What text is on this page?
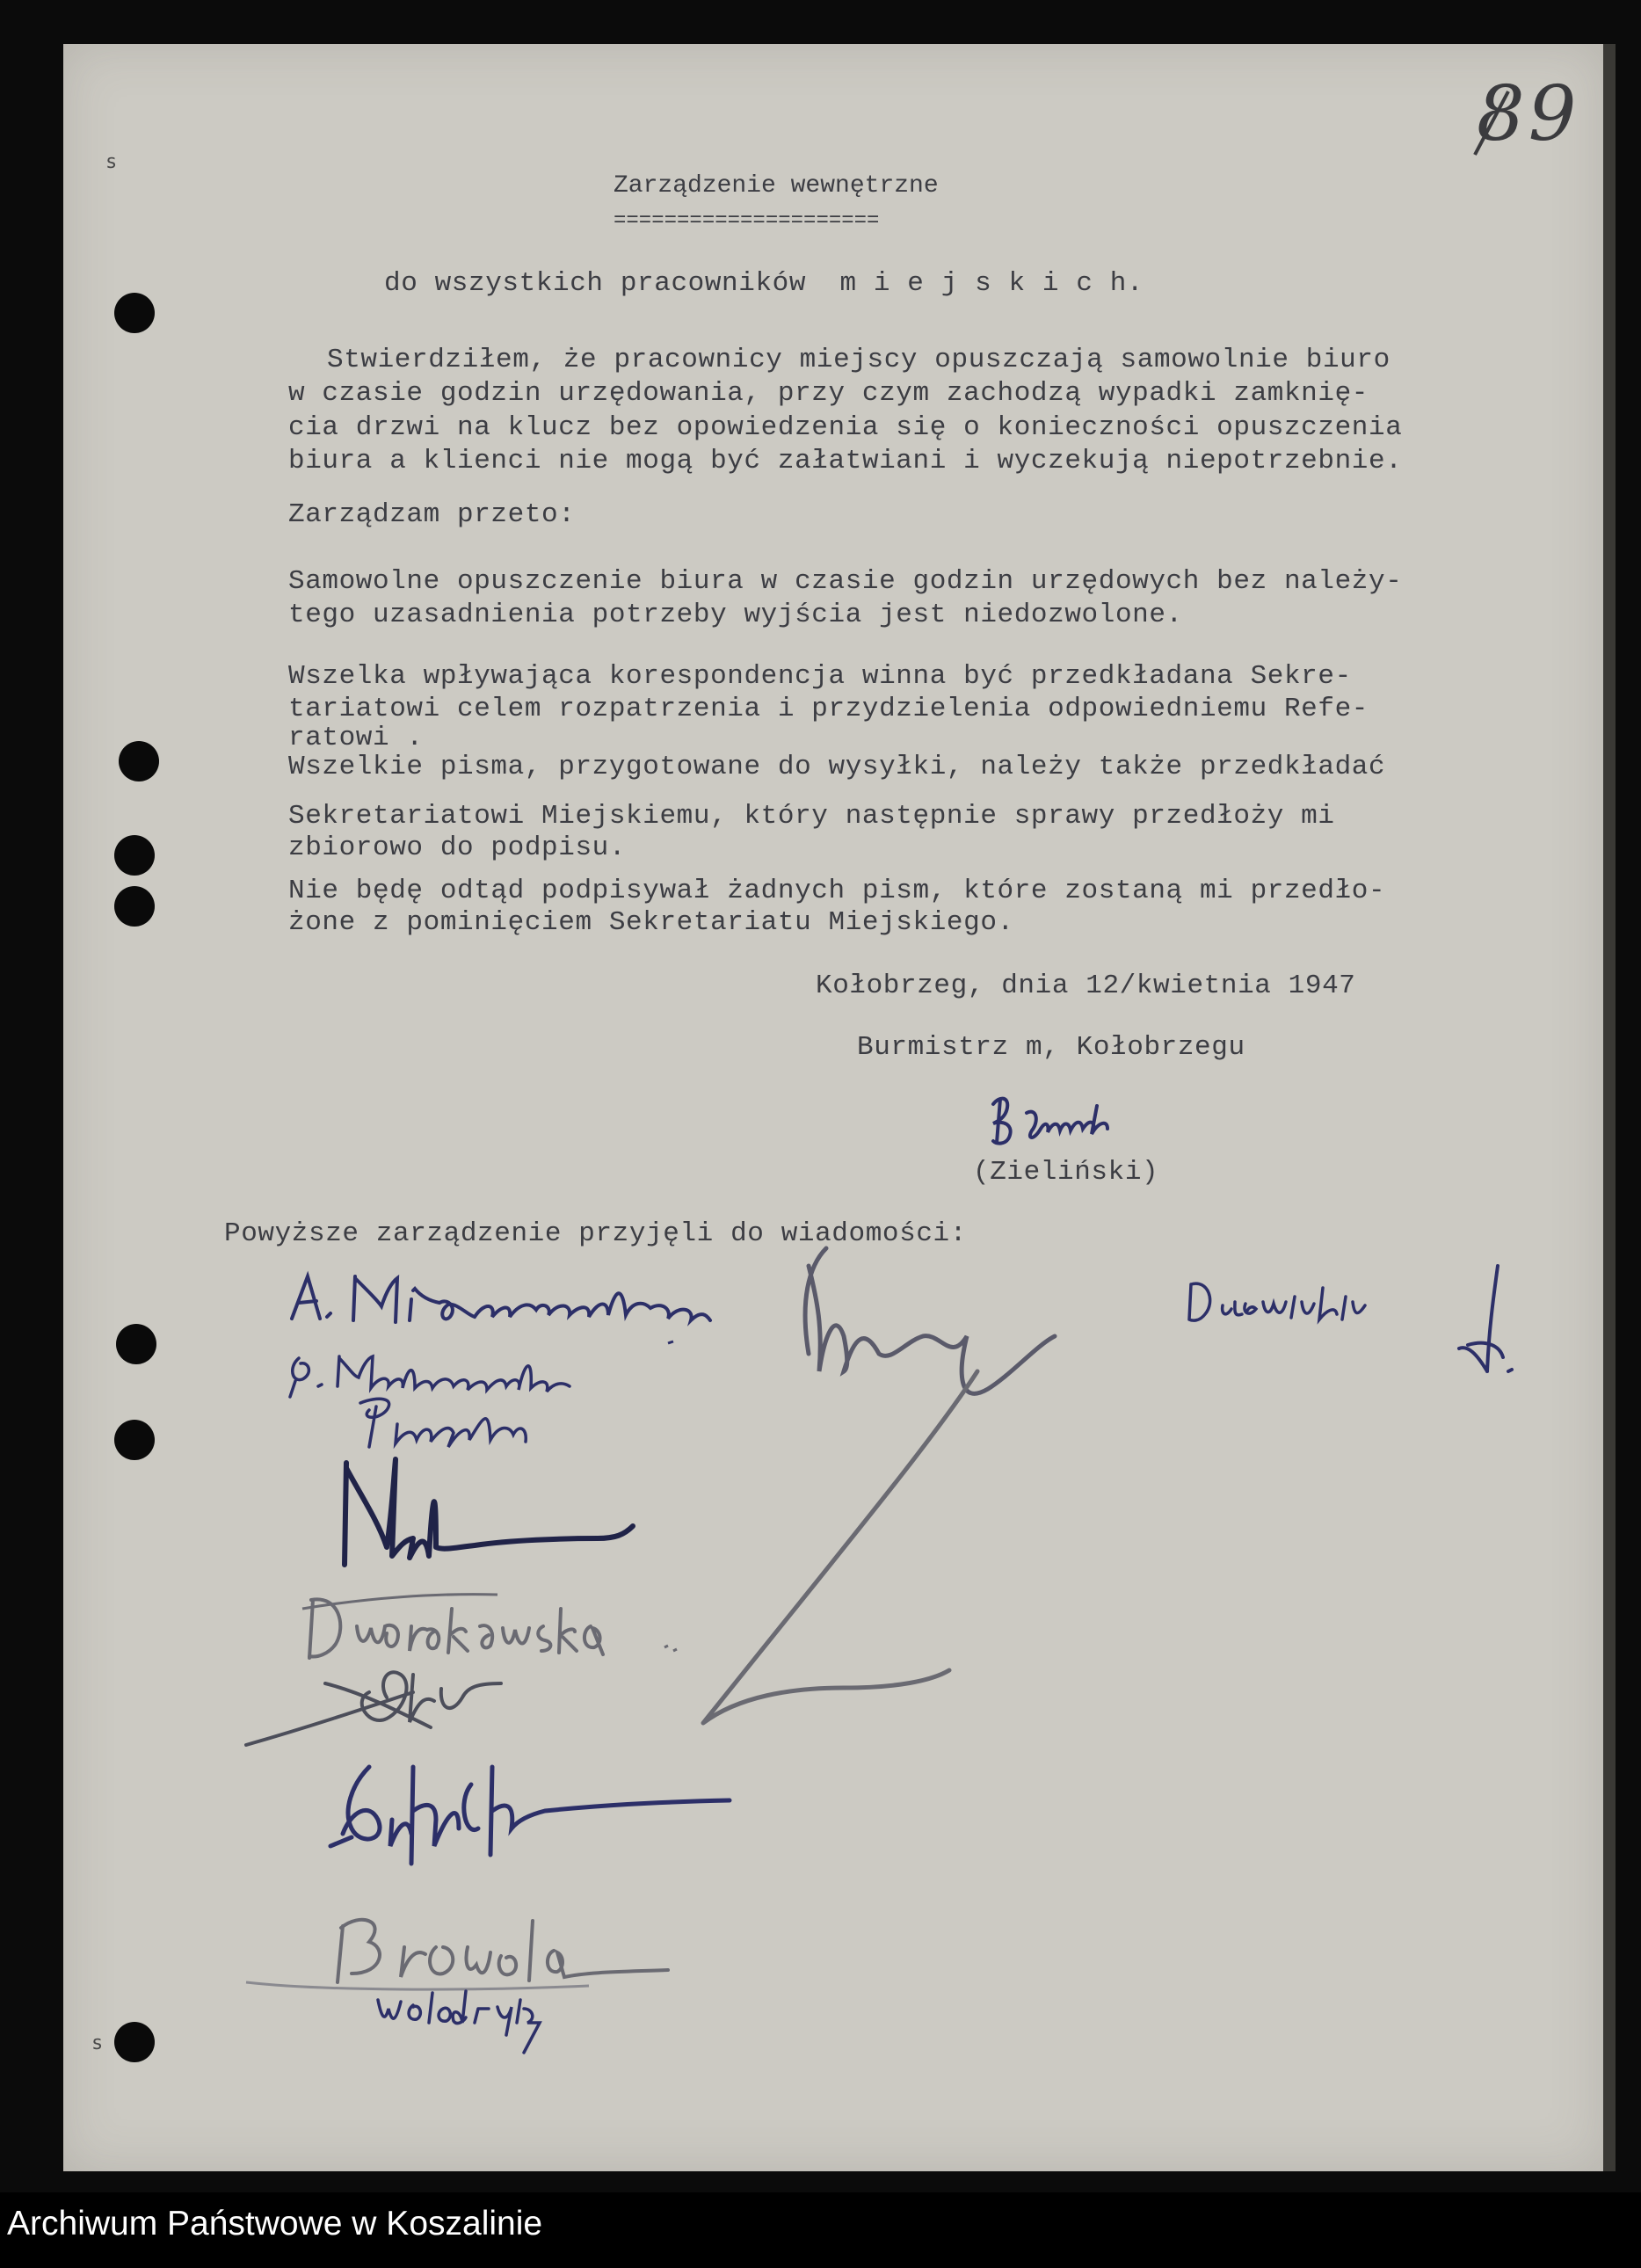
s
s
89
Zarządzenie wewnętrzne
=====================
do wszystkich pracowników  m i e j s k i c h.
Stwierdziłem, że pracownicy miejscy opuszczają samowolnie biuro
w czasie godzin urzędowania, przy czym zachodzą wypadki zamknię-
cia drzwi na klucz bez opowiedzenia się o konieczności opuszczenia
biura a klienci nie mogą być załatwiani i wyczekują niepotrzebnie.
Zarządzam przeto:
Samowolne opuszczenie biura w czasie godzin urzędowych bez należy-
tego uzasadnienia potrzeby wyjścia jest niedozwolone.
Wszelka wpływająca korespondencja winna być przedkładana Sekre-
tariatowi celem rozpatrzenia i przydzielenia odpowiedniemu Refe-
ratowi .
Wszelkie pisma, przygotowane do wysyłki, należy także przedkładać
Sekretariatowi Miejskiemu, który następnie sprawy przedłoży mi
zbiorowo do podpisu.
Nie będę odtąd podpisywał żadnych pism, które zostaną mi przedło-
żone z pominięciem Sekretariatu Miejskiego.
Kołobrzeg, dnia 12/kwietnia 1947
Burmistrz m, Kołobrzegu
(Zieliński)
Powyższe zarządzenie przyjęli do wiadomości:
Archiwum Państwowe w Koszalinie
